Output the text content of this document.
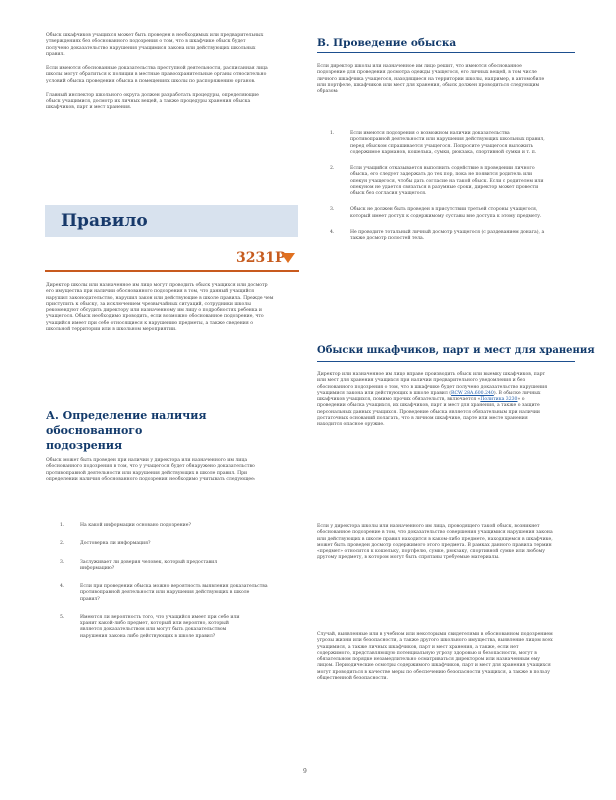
Обыск шкафчиков учащихся может быть проведен в необходимых или предварительных утверждениях без обоснованного подозрения о том, что в шкафчике обыск будет получено доказательство нарушения учащимися закона или действующих школьных правил.

Если имеются обоснованные доказательства преступной деятельности, расписанная лица школы могут обратиться к полиции в местные правоохранительные органы относительно условий обыска проведения обыска в помещениях школы по распоряжению органов.

Главный инспектор школьного округа должен разработать процедуры, определяющие обыск учащимися, досмотр их личных вещей, а также процедуры хранения обыска шкафчиков, парт и мест хранения.

Правило
3231P

Директор школы или назначенное им лицо могут проводить обыск учащихся или досмотр его имущества при наличии обоснованного подозрения в том, что данный учащийся нарушил законодательство, нарушил закон или действующие в школе правила. Прежде чем приступить к обыску, за исключением чрезвычайных ситуаций, сотрудники школы рекомендуют обсудить директору или назначенному им лицу о подробностях ребенка и учащегося. Обыск необходимо проводить, если возможно обоснованное подозрение, что учащийся имеет при себе относящиеся к нарушению предметы, а также сведения о школьной территории или в школьном мероприятии.

А. Определение наличия обоснованного подозрения

Обыск может быть проведен при наличии у директора или назначенного им лица обоснованного подозрения в том, что у учащегося будет обнаружено доказательство противоправной деятельности или нарушения действующих в школе правил. При определении наличия обоснованного подозрения необходимо учитывать следующее:

1.	На какой информации основано подозрение?
2.	Достоверна ли информация?
3.	Заслуживает ли доверия человек, который предоставил информацию?
4.	Если при проведении обыска можно вероятность выявления доказательства противоправной деятельности или нарушения действующих в школе правил?
5.	Имеются ли вероятность того, что учащийся имеет при себе или хранит какой-либо предмет, который или вероятно, который является доказательством или могут быть доказательством нарушения закона либо действующих в школе правил?
В. Проведение обыска

Если директор школы или назначенное им лицо решит, что имеются обоснованное подозрение для проведения досмотра одежды учащегося, его личных вещей, в том числе личного шкафчика учащегося, находящиеся на территории школы, например, в автомобиле или портфеле, шкафчиков или мест для хранения, обыск должен проводиться следующим образом:

1.	Если имеются подозрения о возможном наличии доказательства противоправной деятельности или нарушения действующих школьных правил, перед обыском спрашивается учащегося. Попросите учащегося выложить содержимое карманов, кошелька, сумки, рюкзака, спортивной сумки и т. п.
2.	Если учащийся отказывается выполнить содействие в проведении личного обыска, его следует задержать до тех пор, пока не появится родитель или опекун учащегося, чтобы дать согласие на такой обыск. Если с родителем или опекуном не удается связаться в разумные сроки, директор может провести обыск без согласия учащегося.
3.	Обыск не должен быть проведен в присутствии третьей стороны учащегося, который имеет доступ к содержимому суставы вне доступа к этому предмету.
4.	Не проводите тотальный личный досмотр учащегося (с раздеванием донага), а также досмотр полостей тела.
Обыски шкафчиков, парт и мест для хранения

Директор или назначенное им лицо вправе производить обыск или выемку шкафчиков, парт или мест для хранения учащихся при наличии предварительного уведомления и без обоснованного подозрения о том, что в шкафчике будет получено доказательство нарушения учащимися закона или действующих в школе правил (RCW 28A.600.240). В обыске личных шкафчиков учащихся, помимо прочих обязательств, включается «Политика 3230» о проведении обыска учащихся, их шкафчиков, парт и мест для хранения, а также о защите персональных данных учащихся. Проведение обыска является обязательным при наличии достаточных оснований полагать, что в личном шкафчике, парте или месте хранения находится опасное оружие.

Если у директора школы или назначенного им лица, проводящего такой обыск, возникнет обоснованное подозрение в том, что доказательство совершения учащимися нарушения закона или действующих в школе правил находится в каком-либо предмете, находящемся в шкафчике, может быть проведен досмотр содержимого этого предмета. В рамках данного правила термин «предмет» относится к кошельку, портфелю, сумке, рюкзаку, спортивной сумке или любому другому предмету, в котором могут быть спрятаны требуемые материалы.

Случай, выявленные или в учебном или некоторыми свидетелями в обоснованном подозрением угрозы жизни или безопасности, а также другого школьного имущества, выявление лицом всех учащимися, а также личных шкафчиков, парт и мест хранения, а также, если нет содержимого, представляющую потенциальную угрозу здоровью и безопасности, могут в обязательном порядке незамедлительно осматриваться директором или назначенным ему лицом. Периодические осмотры содержимого шкафчиков, парт и мест для хранения учащихся могут проводиться в качестве меры по обеспечению безопасности учащихся, а также в пользу общественной безопасности.

9
